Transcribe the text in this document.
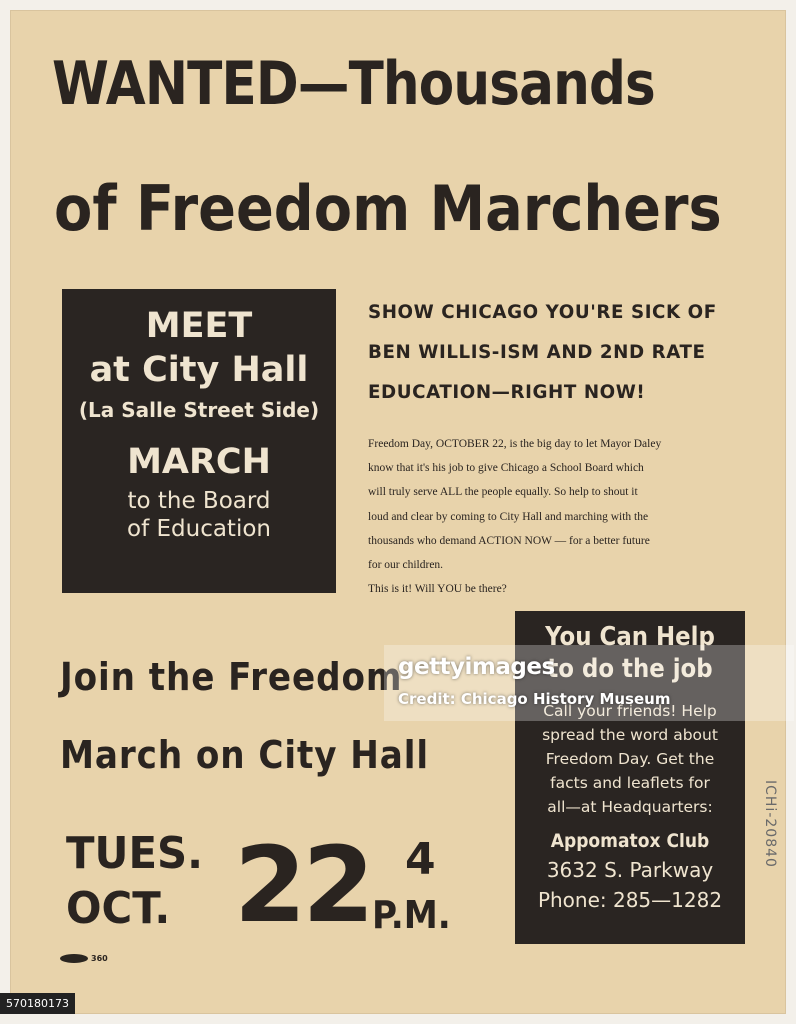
WANTED—Thousands
of Freedom Marchers
MEET
at City Hall
(La Salle Street Side)
MARCH
to the Board
of Education
SHOW CHICAGO YOU'RE SICK OF
BEN WILLIS-ISM AND 2ND RATE
EDUCATION—RIGHT NOW!
Freedom Day, OCTOBER 22, is the big day to let Mayor Daley
know that it's his job to give Chicago a School Board which
will truly serve ALL the people equally. So help to shout it
loud and clear by coming to City Hall and marching with the
thousands who demand ACTION NOW — for a better future
for our children.
This is it! Will YOU be there?
Join the Freedom
March on City Hall
You Can Help
to do the job
Call your friends! Help
spread the word about
Freedom Day. Get the
facts and leaflets for
all—at Headquarters:
Appomatox Club
3632 S. Parkway
Phone: 285—1282
TUES.
OCT. 22 4
P.M.
360
ICHi-20840
gettyimages
Credit: Chicago History Museum
570180173
